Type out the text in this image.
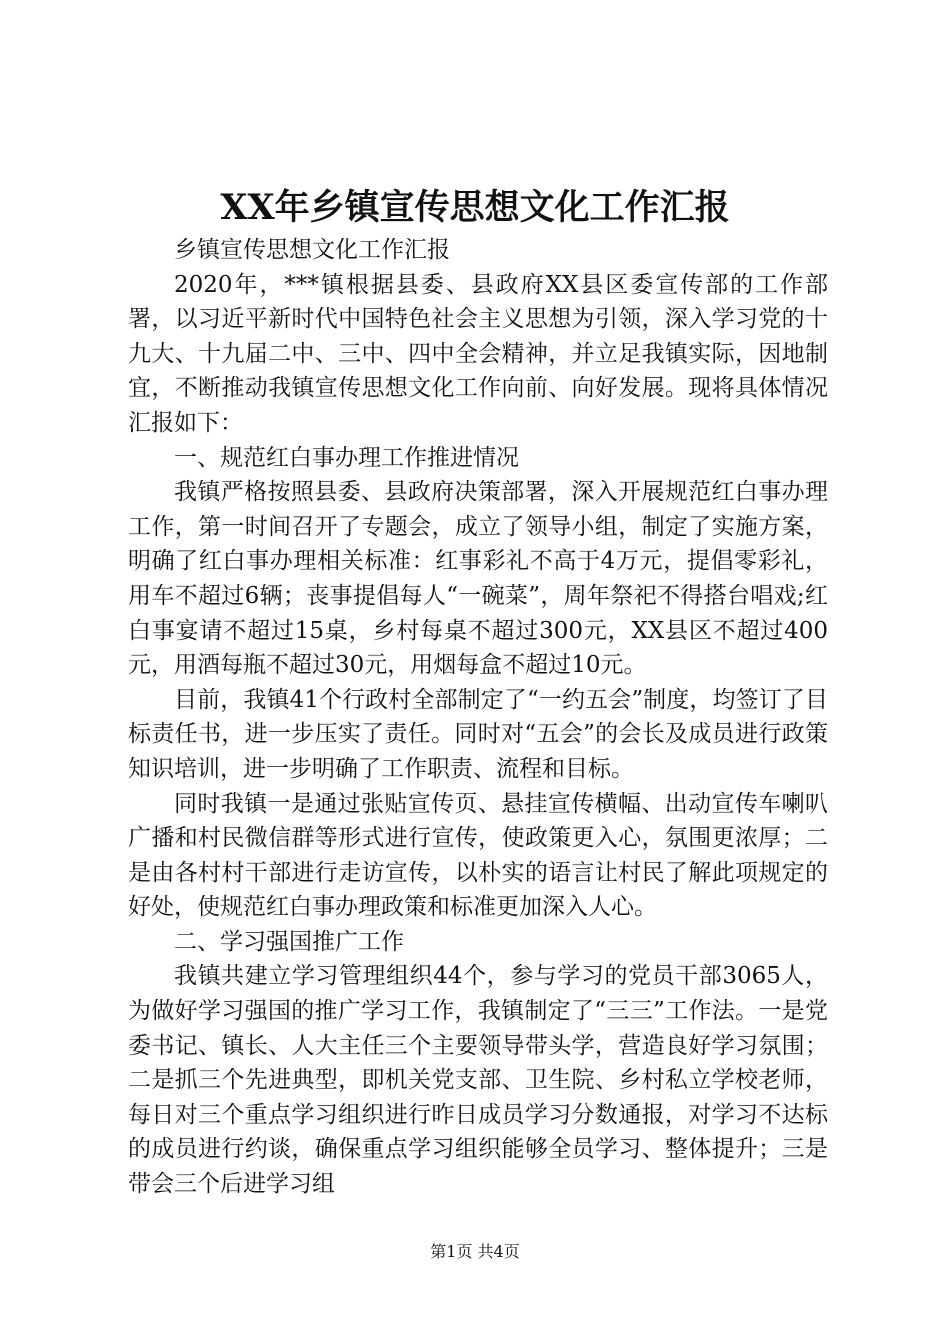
XX年乡镇宣传思想文化工作汇报

乡镇宣传思想文化工作汇报

2020年，***镇根据县委、县政府XX县区委宣传部的工作部署，以习近平新时代中国特色社会主义思想为引领，深入学习党的十九大、十九届二中、三中、四中全会精神，并立足我镇实际，因地制宜，不断推动我镇宣传思想文化工作向前、向好发展。现将具体情况汇报如下：

一、规范红白事办理工作推进情况

我镇严格按照县委、县政府决策部署，深入开展规范红白事办理工作，第一时间召开了专题会，成立了领导小组，制定了实施方案，明确了红白事办理相关标准：红事彩礼不高于4万元，提倡零彩礼，用车不超过6辆；丧事提倡每人“一碗菜”，周年祭祀不得搭台唱戏;红白事宴请不超过15桌，乡村每桌不超过300元，XX县区不超过400元，用酒每瓶不超过30元，用烟每盒不超过10元。

目前，我镇41个行政村全部制定了“一约五会”制度，均签订了目标责任书，进一步压实了责任。同时对“五会”的会长及成员进行政策知识培训，进一步明确了工作职责、流程和目标。

同时我镇一是通过张贴宣传页、悬挂宣传横幅、出动宣传车喇叭广播和村民微信群等形式进行宣传，使政策更入心，氛围更浓厚；二是由各村村干部进行走访宣传，以朴实的语言让村民了解此项规定的好处，使规范红白事办理政策和标准更加深入人心。

二、学习强国推广工作

我镇共建立学习管理组织44个，参与学习的党员干部3065人，为做好学习强国的推广学习工作，我镇制定了“三三”工作法。一是党委书记、镇长、人大主任三个主要领导带头学，营造良好学习氛围；二是抓三个先进典型，即机关党支部、卫生院、乡村私立学校老师，每日对三个重点学习组织进行昨日成员学习分数通报，对学习不达标的成员进行约谈，确保重点学习组织能够全员学习、整体提升；三是带会三个后进学习组

第1页 共4页
